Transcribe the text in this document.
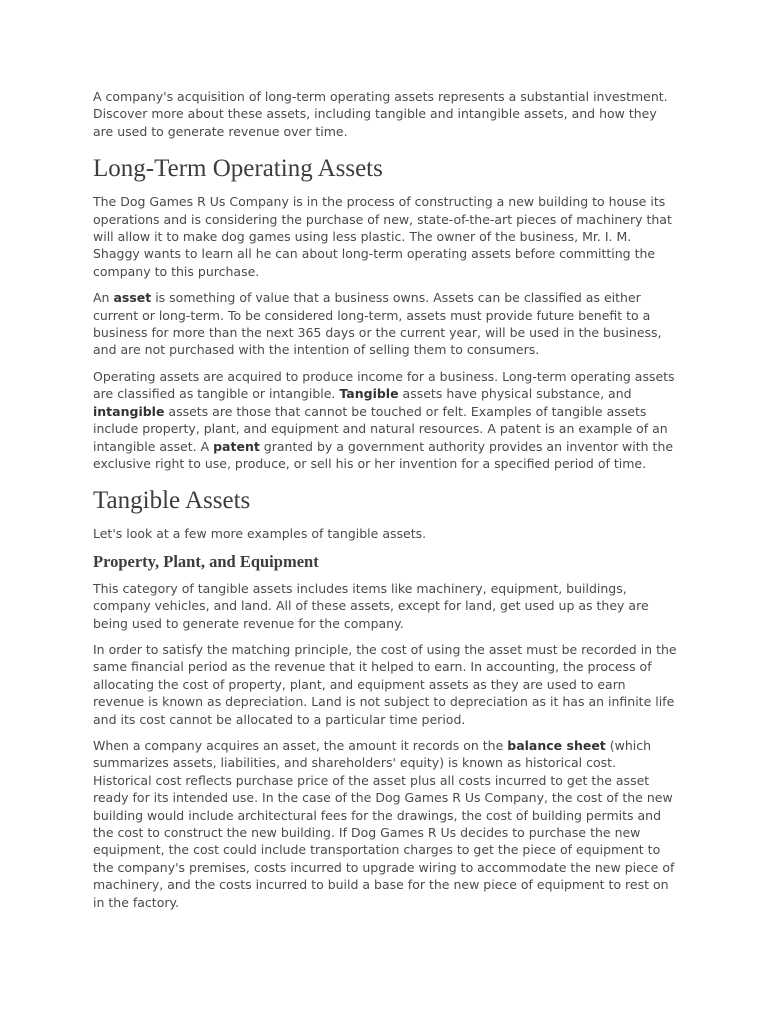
A company's acquisition of long-term operating assets represents a substantial investment. Discover more about these assets, including tangible and intangible assets, and how they are used to generate revenue over time.

Long-Term Operating Assets

The Dog Games R Us Company is in the process of constructing a new building to house its operations and is considering the purchase of new, state-of-the-art pieces of machinery that will allow it to make dog games using less plastic. The owner of the business, Mr. I. M. Shaggy wants to learn all he can about long-term operating assets before committing the company to this purchase.

An asset is something of value that a business owns. Assets can be classified as either current or long-term. To be considered long-term, assets must provide future benefit to a business for more than the next 365 days or the current year, will be used in the business, and are not purchased with the intention of selling them to consumers.

Operating assets are acquired to produce income for a business. Long-term operating assets are classified as tangible or intangible. Tangible assets have physical substance, and intangible assets are those that cannot be touched or felt. Examples of tangible assets include property, plant, and equipment and natural resources. A patent is an example of an intangible asset. A patent granted by a government authority provides an inventor with the exclusive right to use, produce, or sell his or her invention for a specified period of time.

Tangible Assets

Let's look at a few more examples of tangible assets.

Property, Plant, and Equipment

This category of tangible assets includes items like machinery, equipment, buildings, company vehicles, and land. All of these assets, except for land, get used up as they are being used to generate revenue for the company.

In order to satisfy the matching principle, the cost of using the asset must be recorded in the same financial period as the revenue that it helped to earn. In accounting, the process of allocating the cost of property, plant, and equipment assets as they are used to earn revenue is known as depreciation. Land is not subject to depreciation as it has an infinite life and its cost cannot be allocated to a particular time period.

When a company acquires an asset, the amount it records on the balance sheet (which summarizes assets, liabilities, and shareholders' equity) is known as historical cost. Historical cost reflects purchase price of the asset plus all costs incurred to get the asset ready for its intended use. In the case of the Dog Games R Us Company, the cost of the new building would include architectural fees for the drawings, the cost of building permits and the cost to construct the new building. If Dog Games R Us decides to purchase the new equipment, the cost could include transportation charges to get the piece of equipment to the company's premises, costs incurred to upgrade wiring to accommodate the new piece of machinery, and the costs incurred to build a base for the new piece of equipment to rest on in the factory.
